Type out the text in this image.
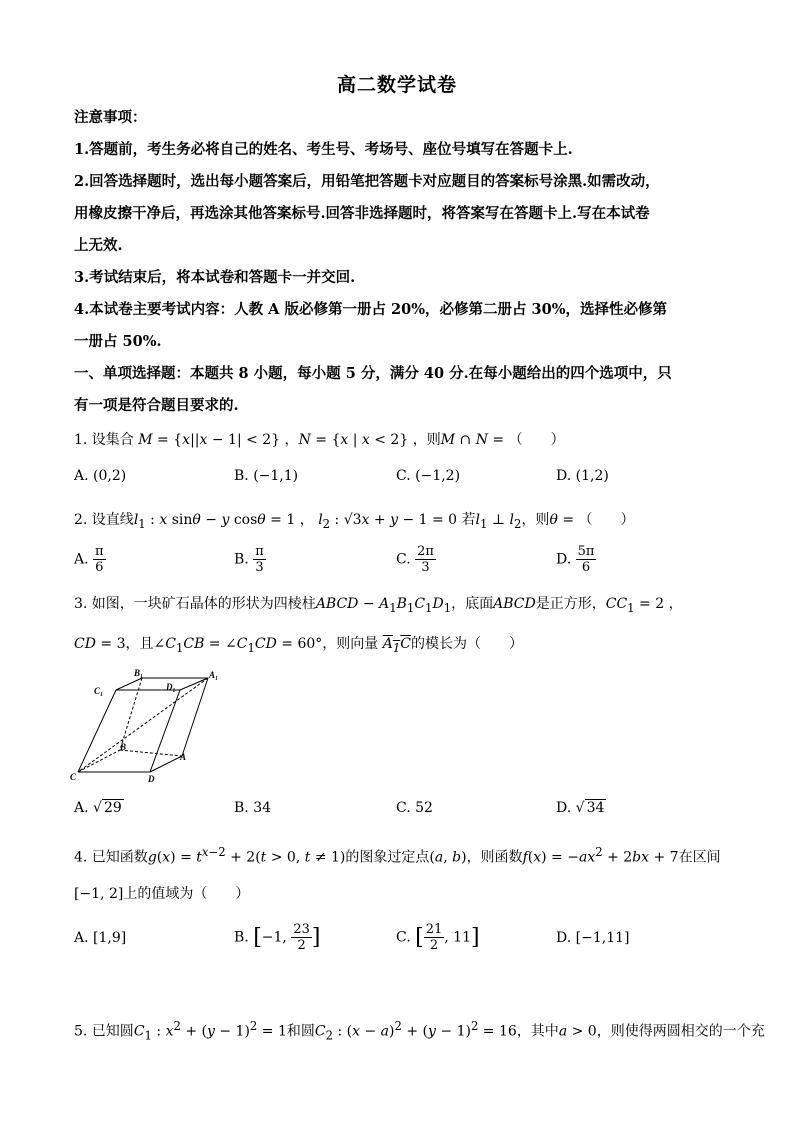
高二数学试卷
注意事项：
1.答题前，考生务必将自己的姓名、考生号、考场号、座位号填写在答题卡上.
2.回答选择题时，选出每小题答案后，用铅笔把答题卡对应题目的答案标号涂黑.如需改动，
用橡皮擦干净后，再选涂其他答案标号.回答非选择题时，将答案写在答题卡上.写在本试卷
上无效.
3.考试结束后，将本试卷和答题卡一并交回.
4.本试卷主要考试内容：人教 A 版必修第一册占 20%，必修第二册占 30%，选择性必修第
一册占 50%.
一、单项选择题：本题共 8 小题，每小题 5 分，满分 40 分.在每小题给出的四个选项中，只
有一项是符合题目要求的.
1. 设集合 M = {x||x − 1| < 2} ，N = {x | x < 2} ，则M ∩ N = （　　）
A. (0,2)	B. (−1,1)	C. (−1,2)	D. (1,2)
2. 设直线$l_1$ : x sinθ − y cosθ = 1 ， $l_2$ : √3x + y − 1 = 0 若$l_1$ ⊥ $l_2$，则θ = （　　）
A. $\frac{\pi}{6}$	B. $\frac{\pi}{3}$	C. $\frac{2\pi}{3}$	D. $\frac{5\pi}{6}$
3. 如图，一块矿石晶体的形状为四棱柱ABCD − $A_1B_1C_1D_1$，底面ABCD是正方形，$CC_1 = 2$ ，
CD = 3，且$\angle C_1CB$ = $\angle C_1CD = 60^\circ$，则向量 $A_1C$的模长为（　　）
B₁	A₁
C₁	D₁
B
A
C	D
A. √ 29	B. 34	C. 52	D. √ 34
4. 已知函数$g(x) = t^{x-2} + 2(t > 0$, t ≠ 1)的图象过定点(a, b)，则函数$f(x) = -ax^2 + 2bx + 7$在区间
[−1, 2]上的值域为（　　）
A. [1,9]	B. [−1, $\frac{23}{2}$ ]	C. [ $\frac{21}{2}$ , 11]	D. [−1,11]
5. 已知圆$C_1$ : $x^2 + (y - 1)^2 = 1$和圆$C_2$ : $(x - a)^2 + (y - 1)^2 = 16$，其中a > 0，则使得两圆相交的一个充
